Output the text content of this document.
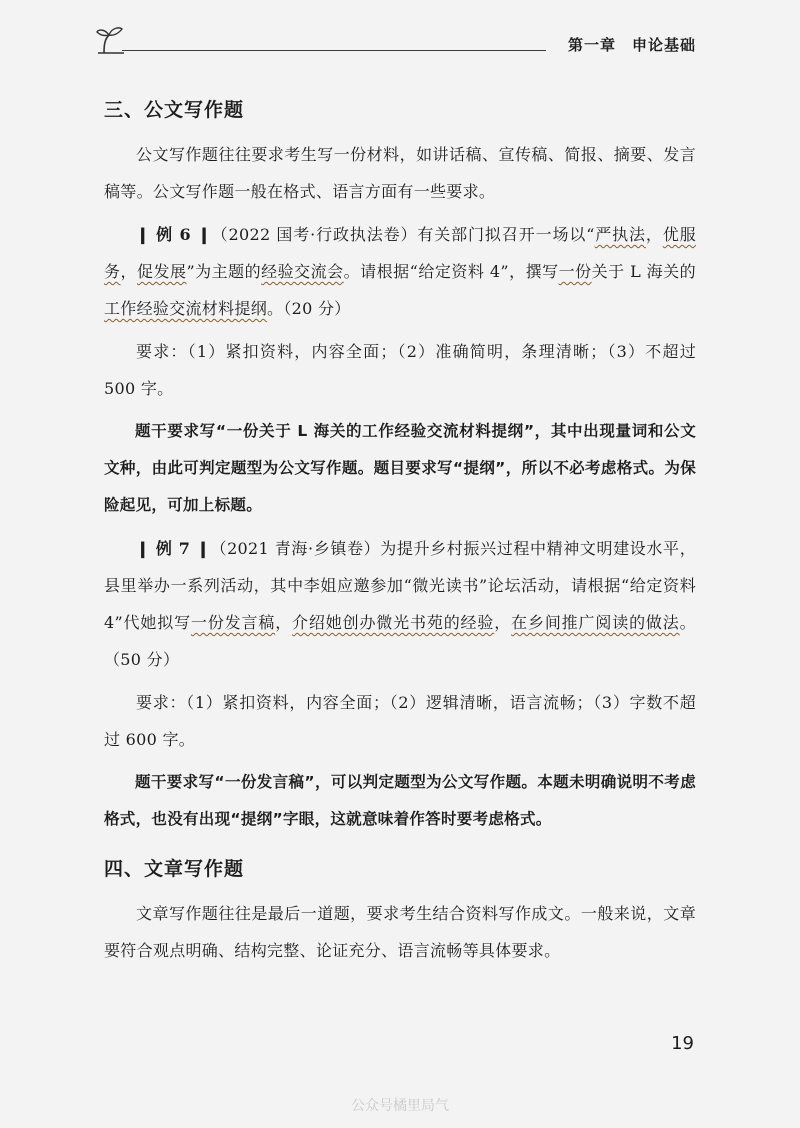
第一章 申论基础
三、公文写作题

公文写作题往往要求考生写一份材料，如讲话稿、宣传稿、简报、摘要、发言稿等。公文写作题一般在格式、语言方面有一些要求。

❙ 例 6 ❙（2022 国考·行政执法卷）有关部门拟召开一场以“严执法，优服务，促发展”为主题的经验交流会。请根据“给定资料 4”，撰写一份关于 L 海关的工作经验交流材料提纲。（20 分）

要求：（1）紧扣资料，内容全面；（2）准确简明，条理清晰；（3）不超过 500 字。

题干要求写“一份关于 L 海关的工作经验交流材料提纲”，其中出现量词和公文文种，由此可判定题型为公文写作题。题目要求写“提纲”，所以不必考虑格式。为保险起见，可加上标题。

❙ 例 7 ❙（2021 青海·乡镇卷）为提升乡村振兴过程中精神文明建设水平，县里举办一系列活动，其中李姐应邀参加“微光读书”论坛活动，请根据“给定资料 4”代她拟写一份发言稿，介绍她创办微光书苑的经验，在乡间推广阅读的做法。（50 分）

要求：（1）紧扣资料，内容全面；（2）逻辑清晰，语言流畅；（3）字数不超过 600 字。

题干要求写“一份发言稿”，可以判定题型为公文写作题。本题未明确说明不考虑格式，也没有出现“提纲”字眼，这就意味着作答时要考虑格式。

四、文章写作题

文章写作题往往是最后一道题，要求考生结合资料写作成文。一般来说，文章要符合观点明确、结构完整、论证充分、语言流畅等具体要求。

19
公众号橘里局气
